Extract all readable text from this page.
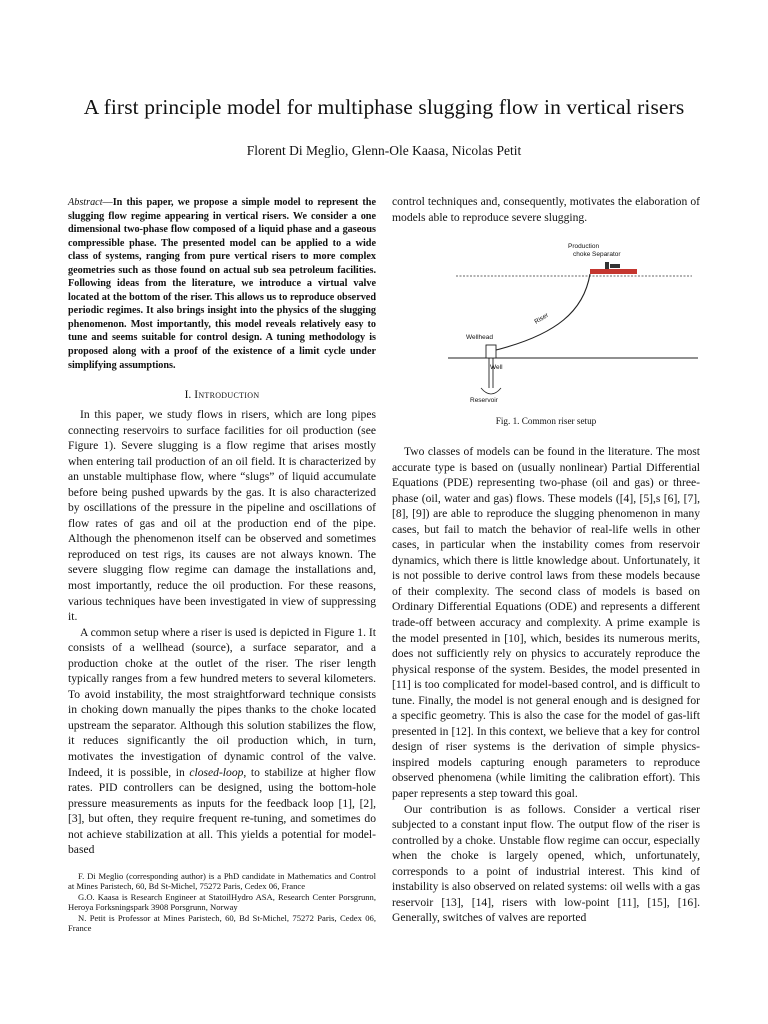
A first principle model for multiphase slugging flow in vertical risers
Florent Di Meglio, Glenn-Ole Kaasa, Nicolas Petit
Abstract—In this paper, we propose a simple model to represent the slugging flow regime appearing in vertical risers. We consider a one dimensional two-phase flow composed of a liquid phase and a gaseous compressible phase. The presented model can be applied to a wide class of systems, ranging from pure vertical risers to more complex geometries such as those found on actual sub sea petroleum facilities. Following ideas from the literature, we introduce a virtual valve located at the bottom of the riser. This allows us to reproduce observed periodic regimes. It also brings insight into the physics of the slugging phenomenon. Most importantly, this model reveals relatively easy to tune and seems suitable for control design. A tuning methodology is proposed along with a proof of the existence of a limit cycle under simplifying assumptions.
I. Introduction

In this paper, we study flows in risers, which are long pipes connecting reservoirs to surface facilities for oil production (see Figure 1). Severe slugging is a flow regime that arises mostly when entering tail production of an oil field. It is characterized by an unstable multiphase flow, where “slugs” of liquid accumulate before being pushed upwards by the gas. It is also characterized by oscillations of the pressure in the pipeline and oscillations of flow rates of gas and oil at the production end of the pipe. Although the phenomenon itself can be observed and sometimes reproduced on test rigs, its causes are not always known. The severe slugging flow regime can damage the installations and, most importantly, reduce the oil production. For these reasons, various techniques have been investigated in view of suppressing it.

A common setup where a riser is used is depicted in Figure 1. It consists of a wellhead (source), a surface separator, and a production choke at the outlet of the riser. The riser length typically ranges from a few hundred meters to several kilometers. To avoid instability, the most straightforward technique consists in choking down manually the pipes thanks to the choke located upstream the separator. Although this solution stabilizes the flow, it reduces significantly the oil production which, in turn, motivates the investigation of dynamic control of the valve. Indeed, it is possible, in closed-loop, to stabilize at higher flow rates. PID controllers can be designed, using the bottom-hole pressure measurements as inputs for the feedback loop [1], [2], [3], but often, they require frequent re-tuning, and sometimes do not achieve stabilization at all. This yields a potential for model-based

F. Di Meglio (corresponding author) is a PhD candidate in Mathematics and Control at Mines Paristech, 60, Bd St-Michel, 75272 Paris, Cedex 06, France

G.O. Kaasa is Research Engineer at StatoilHydro ASA, Research Center Porsgrunn, Heroya Forksningspark 3908 Porsgrunn, Norway

N. Petit is Professor at Mines Paristech, 60, Bd St-Michel, 75272 Paris, Cedex 06, France

control techniques and, consequently, motivates the elaboration of models able to reproduce severe slugging.

Production
choke Separator
Riser
Wellhead
Well
Reservoir
Fig. 1. Common riser setup

Two classes of models can be found in the literature. The most accurate type is based on (usually nonlinear) Partial Differential Equations (PDE) representing two-phase (oil and gas) or three-phase (oil, water and gas) flows. These models ([4], [5],s [6], [7], [8], [9]) are able to reproduce the slugging phenomenon in many cases, but fail to match the behavior of real-life wells in other cases, in particular when the instability comes from reservoir dynamics, which there is little knowledge about. Unfortunately, it is not possible to derive control laws from these models because of their complexity. The second class of models is based on Ordinary Differential Equations (ODE) and represents a different trade-off between accuracy and complexity. A prime example is the model presented in [10], which, besides its numerous merits, does not sufficiently rely on physics to accurately reproduce the physical response of the system. Besides, the model presented in [11] is too complicated for model-based control, and is difficult to tune. Finally, the model is not general enough and is designed for a specific geometry. This is also the case for the model of gas-lift presented in [12]. In this context, we believe that a key for control design of riser systems is the derivation of simple physics-inspired models capturing enough parameters to reproduce observed phenomena (while limiting the calibration effort). This paper represents a step toward this goal.

Our contribution is as follows. Consider a vertical riser subjected to a constant input flow. The output flow of the riser is controlled by a choke. Unstable flow regime can occur, especially when the choke is largely opened, which, unfortunately, corresponds to a point of industrial interest. This kind of instability is also observed on related systems: oil wells with a gas reservoir [13], [14], risers with low-point [11], [15], [16]. Generally, switches of valves are reported
